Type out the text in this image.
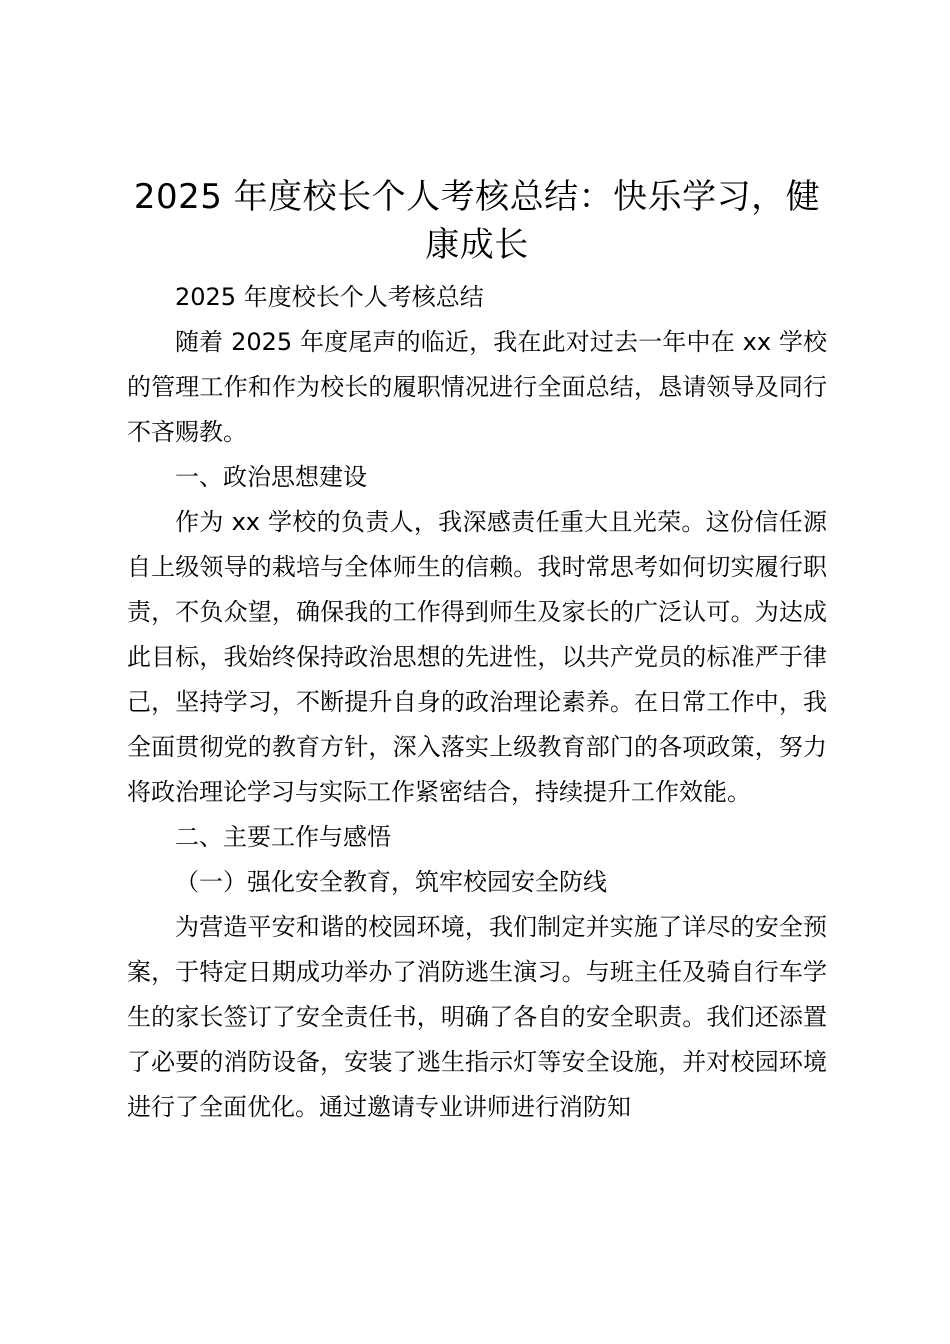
2025 年度校长个人考核总结：快乐学习，健康成长

2025 年度校长个人考核总结

随着 2025 年度尾声的临近，我在此对过去一年中在 xx 学校的管理工作和作为校长的履职情况进行全面总结，恳请领导及同行不吝赐教。

一、政治思想建设

作为 xx 学校的负责人，我深感责任重大且光荣。这份信任源自上级领导的栽培与全体师生的信赖。我时常思考如何切实履行职责，不负众望，确保我的工作得到师生及家长的广泛认可。为达成此目标，我始终保持政治思想的先进性，以共产党员的标准严于律己，坚持学习，不断提升自身的政治理论素养。在日常工作中，我全面贯彻党的教育方针，深入落实上级教育部门的各项政策，努力将政治理论学习与实际工作紧密结合，持续提升工作效能。

二、主要工作与感悟

（一）强化安全教育，筑牢校园安全防线

为营造平安和谐的校园环境，我们制定并实施了详尽的安全预案，于特定日期成功举办了消防逃生演习。与班主任及骑自行车学生的家长签订了安全责任书，明确了各自的安全职责。我们还添置了必要的消防设备，安装了逃生指示灯等安全设施，并对校园环境进行了全面优化。通过邀请专业讲师进行消防知
